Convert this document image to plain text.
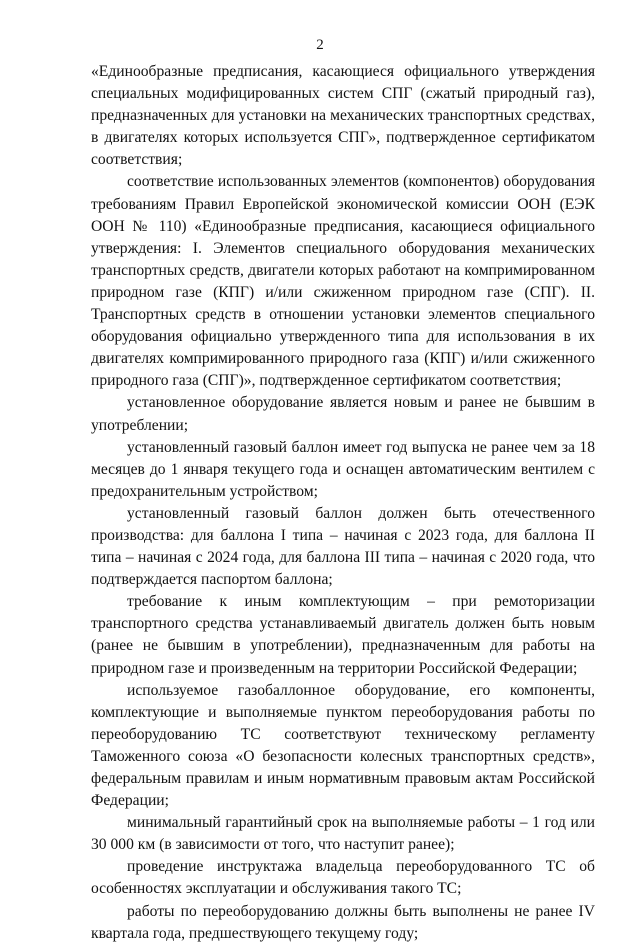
2

«Единообразные предписания, касающиеся официального утверждения специальных модифицированных систем СПГ (сжатый природный газ), предназначенных для установки на механических транспортных средствах, в двигателях которых используется СПГ», подтвержденное сертификатом соответствия;

соответствие использованных элементов (компонентов) оборудования требованиям Правил Европейской экономической комиссии ООН (ЕЭК ООН № 110) «Единообразные предписания, касающиеся официального утверждения: I. Элементов специального оборудования механических транспортных средств, двигатели которых работают на компримированном природном газе (КПГ) и/или сжиженном природном газе (СПГ). II. Транспортных средств в отношении установки элементов специального оборудования официально утвержденного типа для использования в их двигателях компримированного природного газа (КПГ) и/или сжиженного природного газа (СПГ)», подтвержденное сертификатом соответствия;

установленное оборудование является новым и ранее не бывшим в употреблении;

установленный газовый баллон имеет год выпуска не ранее чем за 18 месяцев до 1 января текущего года и оснащен автоматическим вентилем с предохранительным устройством;

установленный газовый баллон должен быть отечественного производства: для баллона I типа – начиная с 2023 года, для баллона II типа – начиная с 2024 года, для баллона III типа – начиная с 2020 года, что подтверждается паспортом баллона;

требование к иным комплектующим – при ремоторизации транспортного средства устанавливаемый двигатель должен быть новым (ранее не бывшим в употреблении), предназначенным для работы на природном газе и произведенным на территории Российской Федерации;

используемое газобаллонное оборудование, его компоненты, комплектующие и выполняемые пунктом переоборудования работы по переоборудованию ТС соответствуют техническому регламенту Таможенного союза «О безопасности колесных транспортных средств», федеральным правилам и иным нормативным правовым актам Российской Федерации;

минимальный гарантийный срок на выполняемые работы – 1 год или 30 000 км (в зависимости от того, что наступит ранее);

проведение инструктажа владельца переоборудованного ТС об особенностях эксплуатации и обслуживания такого ТС;

работы по переоборудованию должны быть выполнены не ранее IV квартала года, предшествующего текущему году;
